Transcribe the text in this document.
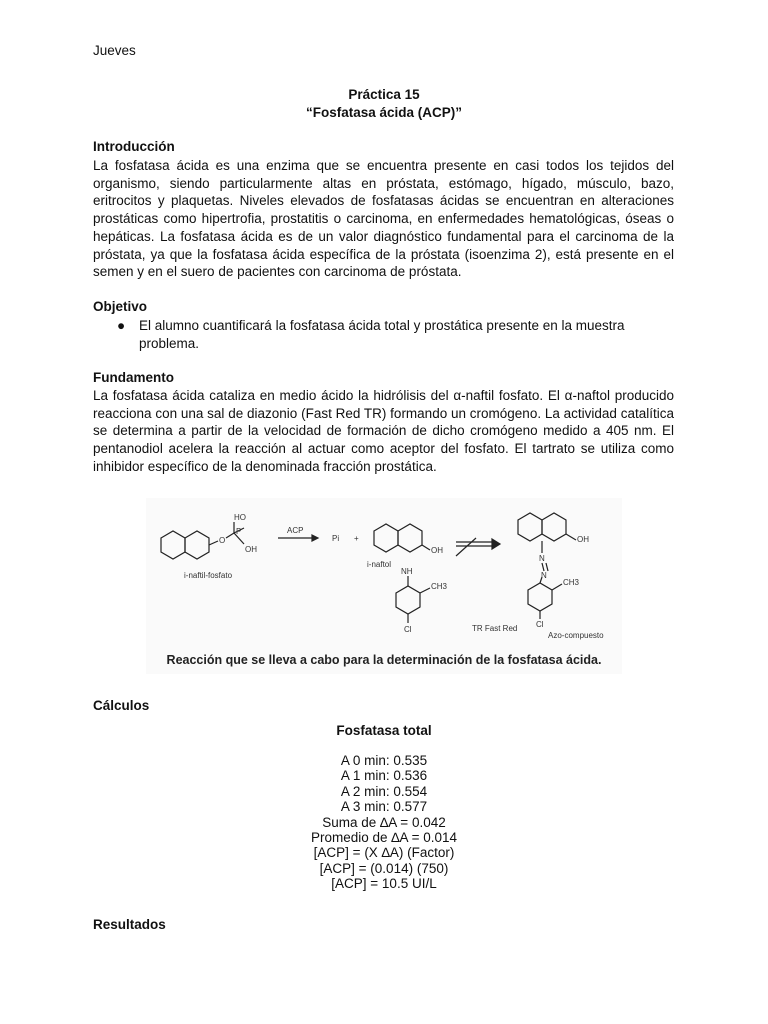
Jueves
Práctica 15
“Fosfatasa ácida (ACP)”
Introducción

La fosfatasa ácida es una enzima que se encuentra presente en casi todos los tejidos del organismo, siendo particularmente altas en próstata, estómago, hígado, músculo, bazo, eritrocitos y plaquetas. Niveles elevados de fosfatasas ácidas se encuentran en alteraciones prostáticas como hipertrofia, prostatitis o carcinoma, en enfermedades hematológicas, óseas o hepáticas. La fosfatasa ácida es de un valor diagnóstico fundamental para el carcinoma de la próstata, ya que la fosfatasa ácida específica de la próstata (isoenzima 2), está presente en el semen y en el suero de pacientes con carcinoma de próstata.

Objetivo
● El alumno cuantificará la fosfatasa ácida total y prostática presente en la muestra problema.
Fundamento

La fosfatasa ácida cataliza en medio ácido la hidrólisis del α-naftil fosfato. El α-naftol producido reacciona con una sal de diazonio (Fast Red TR) formando un cromógeno. La actividad catalítica se determina a partir de la velocidad de formación de dicho cromógeno medido a 405 nm. El pentanodiol acelera la reacción al actuar como aceptor del fosfato. El tartrato se utiliza como inhibidor específico de la denominada fracción prostática.

HO
O
P
OH
i-naftil-fosfato
ACP
Pi +
OH
i-naftol
NH
CH3
Cl	TR Fast Red
OH
N
N
CH3
Cl
Azo-compuesto
Reacción que se lleva a cabo para la determinación de la fosfatasa ácida.
Cálculos
Fosfatasa total
A 0 min: 0.535
A 1 min: 0.536
A 2 min: 0.554
A 3 min: 0.577
Suma de ∆A = 0.042
Promedio de ∆A = 0.014
[ACP] = (X ∆A) (Factor)
[ACP] = (0.014) (750)
[ACP] = 10.5 UI/L
Resultados
